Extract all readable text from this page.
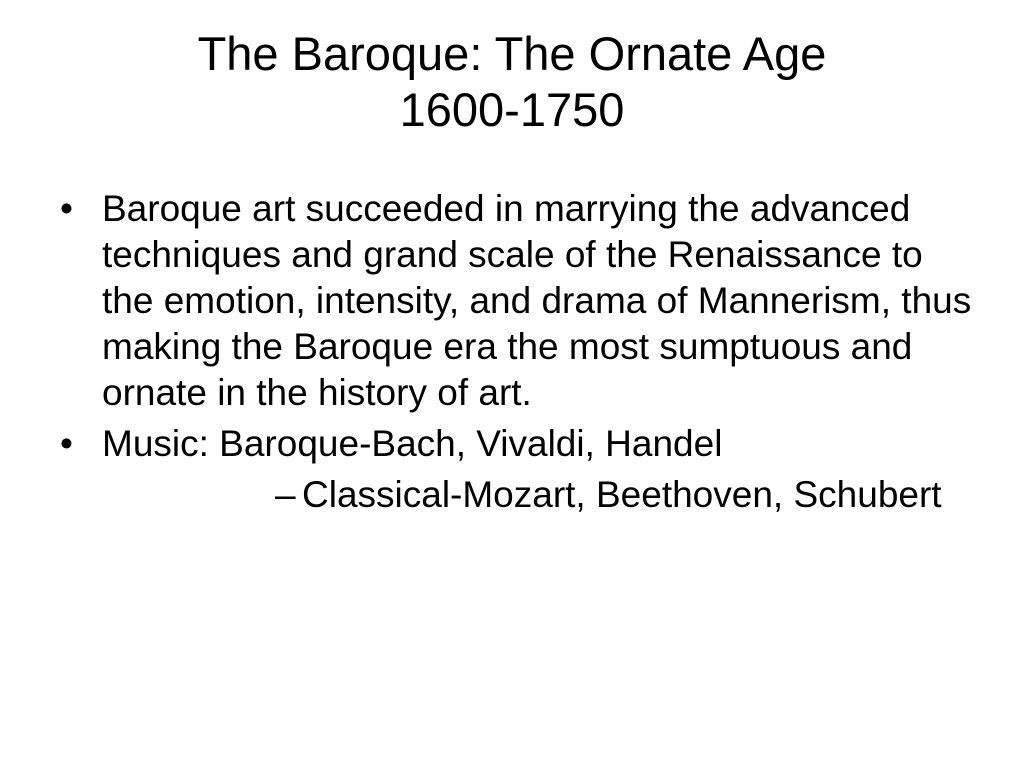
The Baroque: The Ornate Age
1600-1750
• Baroque art succeeded in marrying the advanced techniques and grand scale of the Renaissance to the emotion, intensity, and drama of Mannerism, thus making the Baroque era the most sumptuous and ornate in the history of art.
• Music: Baroque-Bach, Vivaldi, Handel
– Classical-Mozart, Beethoven, Schubert
